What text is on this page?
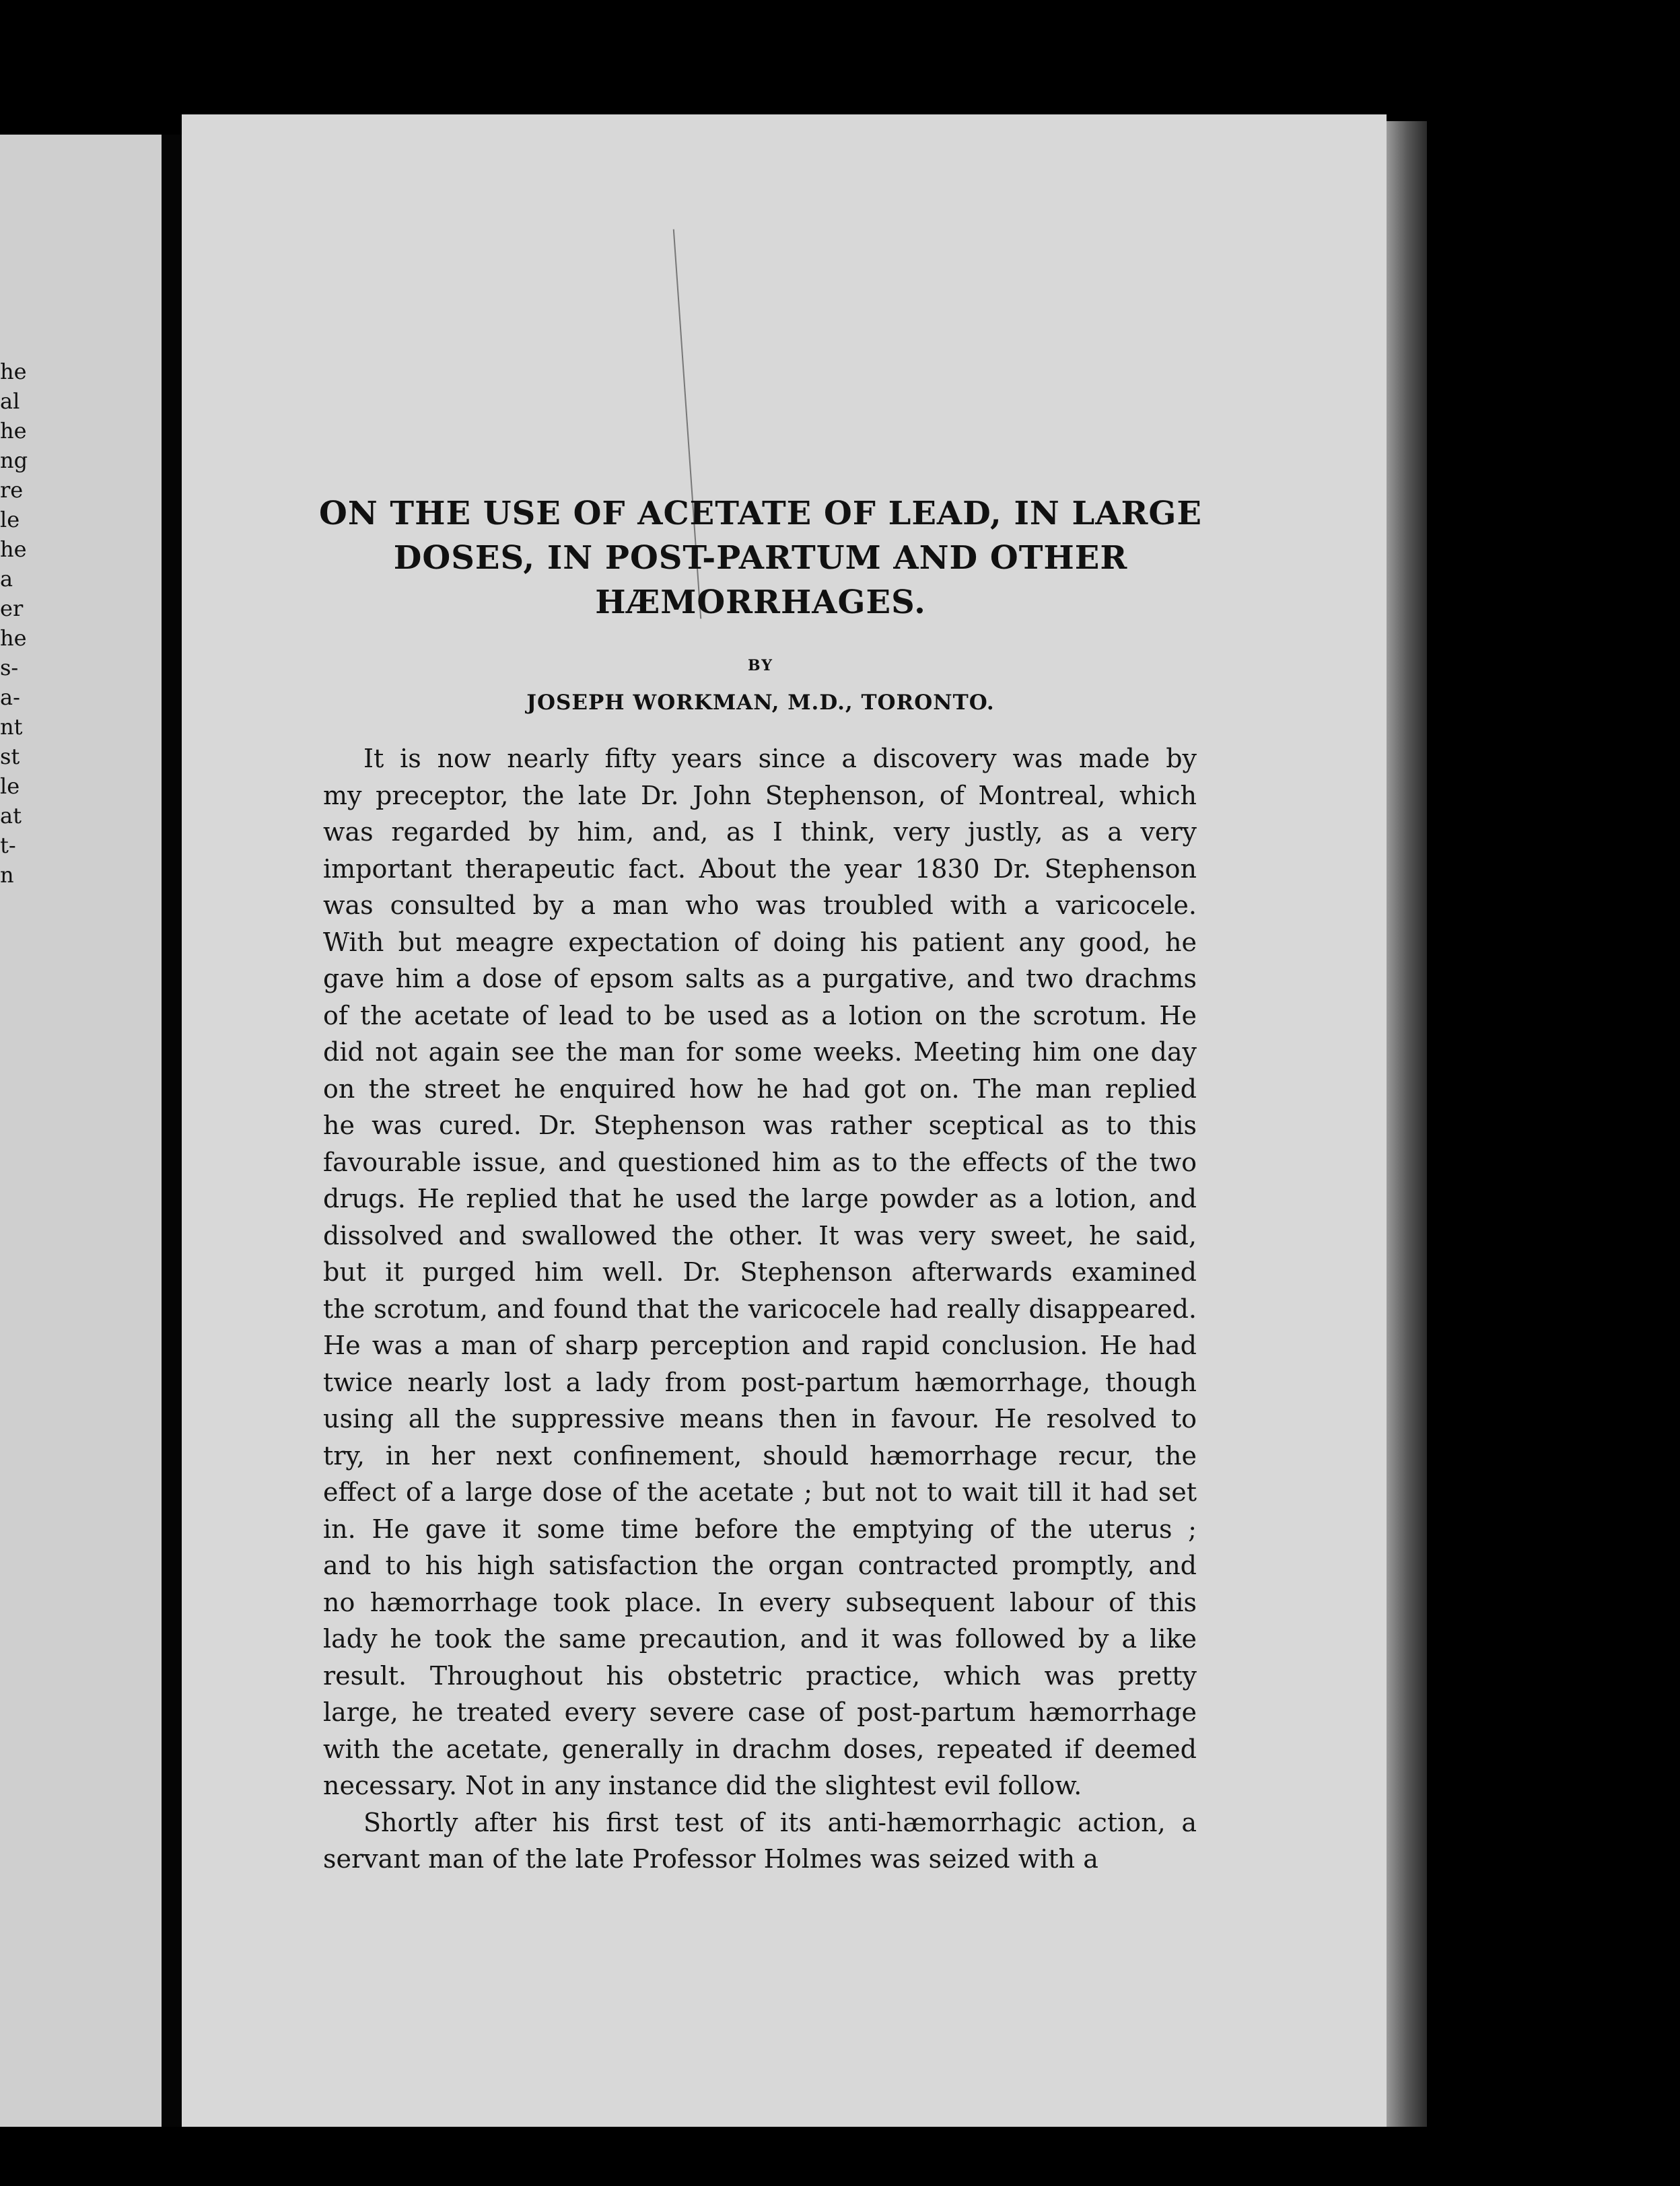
he
al
he
ng
re
le
he
a
er
he
s-
a-
nt
st
le
at
t-
n
ON THE USE OF ACETATE OF LEAD, IN LARGE
DOSES, IN POST-PARTUM AND OTHER
HÆMORRHAGES.
BY
JOSEPH WORKMAN, M.D., TORONTO.

It is now nearly fifty years since a discovery was made by

my preceptor, the late Dr. John Stephenson, of Montreal, which

was regarded by him, and, as I think, very justly, as a very

important therapeutic fact. About the year 1830 Dr. Stephenson

was consulted by a man who was troubled with a varicocele.

With but meagre expectation of doing his patient any good, he

gave him a dose of epsom salts as a purgative, and two drachms

of the acetate of lead to be used as a lotion on the scrotum. He

did not again see the man for some weeks. Meeting him one day

on the street he enquired how he had got on. The man replied

he was cured. Dr. Stephenson was rather sceptical as to this

favourable issue, and questioned him as to the effects of the two

drugs. He replied that he used the large powder as a lotion, and

dissolved and swallowed the other. It was very sweet, he said,

but it purged him well. Dr. Stephenson afterwards examined

the scrotum, and found that the varicocele had really disappeared.

He was a man of sharp perception and rapid conclusion. He had

twice nearly lost a lady from post-partum hæmorrhage, though

using all the suppressive means then in favour. He resolved to

try, in her next confinement, should hæmorrhage recur, the

effect of a large dose of the acetate ; but not to wait till it had set

in. He gave it some time before the emptying of the uterus ;

and to his high satisfaction the organ contracted promptly, and

no hæmorrhage took place. In every subsequent labour of this

lady he took the same precaution, and it was followed by a like

result. Throughout his obstetric practice, which was pretty

large, he treated every severe case of post-partum hæmorrhage

with the acetate, generally in drachm doses, repeated if deemed

necessary. Not in any instance did the slightest evil follow.

Shortly after his first test of its anti-hæmorrhagic action, a

servant man of the late Professor Holmes was seized with a
